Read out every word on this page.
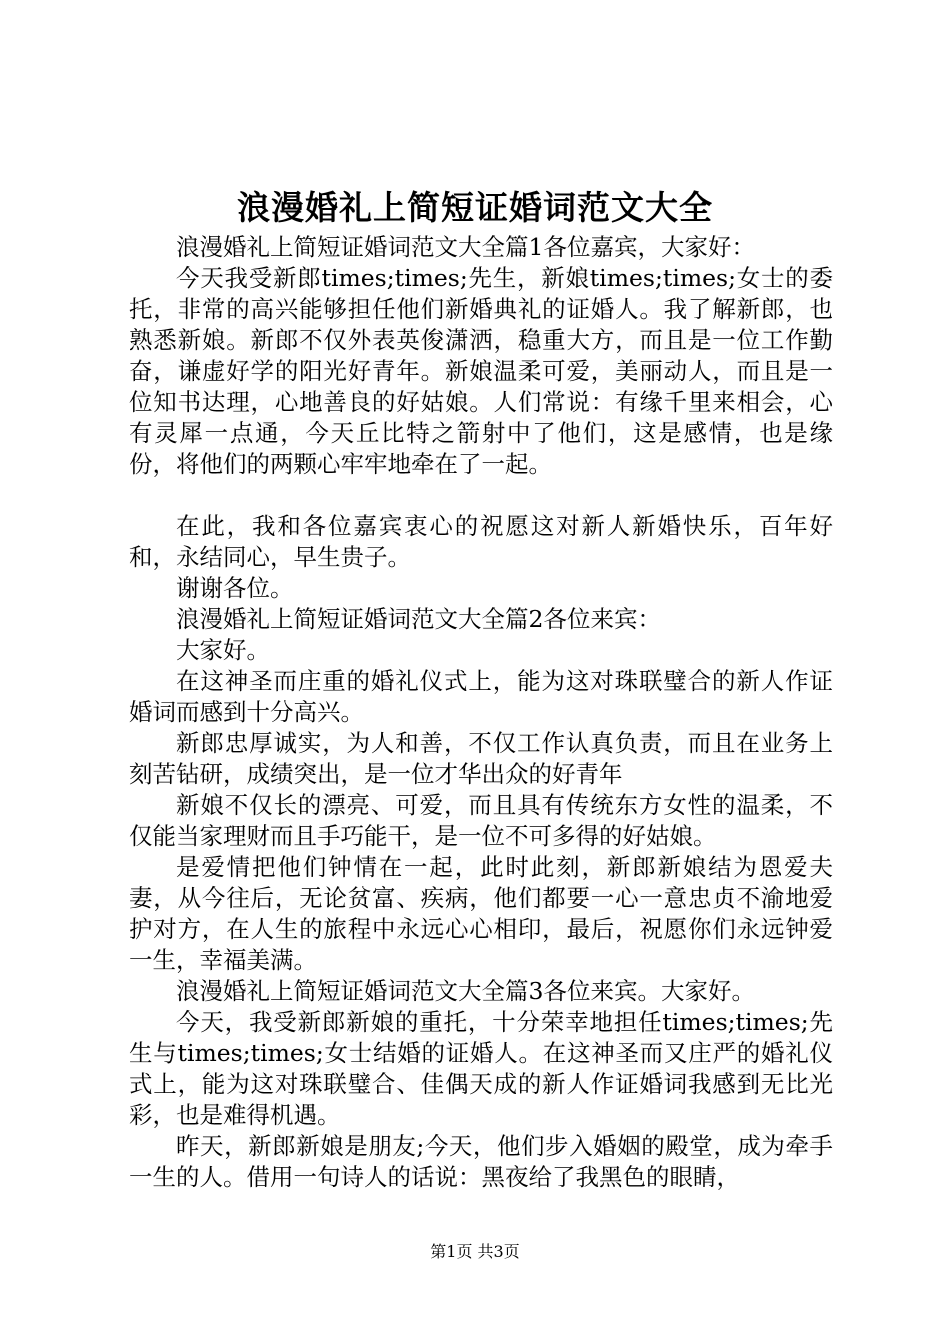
浪漫婚礼上简短证婚词范文大全

浪漫婚礼上简短证婚词范文大全篇1各位嘉宾，大家好：

今天我受新郎times;times;先生，新娘times;times;女士的委托，非常的高兴能够担任他们新婚典礼的证婚人。我了解新郎，也熟悉新娘。新郎不仅外表英俊潇洒，稳重大方，而且是一位工作勤奋，谦虚好学的阳光好青年。新娘温柔可爱，美丽动人，而且是一位知书达理，心地善良的好姑娘。人们常说：有缘千里来相会，心有灵犀一点通，今天丘比特之箭射中了他们，这是感情，也是缘份，将他们的两颗心牢牢地牵在了一起。

在此，我和各位嘉宾衷心的祝愿这对新人新婚快乐，百年好和，永结同心，早生贵子。

谢谢各位。

浪漫婚礼上简短证婚词范文大全篇2各位来宾：

大家好。

在这神圣而庄重的婚礼仪式上，能为这对珠联璧合的新人作证婚词而感到十分高兴。

新郎忠厚诚实，为人和善，不仅工作认真负责，而且在业务上刻苦钻研，成绩突出，是一位才华出众的好青年

新娘不仅长的漂亮、可爱，而且具有传统东方女性的温柔，不仅能当家理财而且手巧能干，是一位不可多得的好姑娘。

是爱情把他们钟情在一起，此时此刻，新郎新娘结为恩爱夫妻，从今往后，无论贫富、疾病，他们都要一心一意忠贞不渝地爱护对方，在人生的旅程中永远心心相印，最后，祝愿你们永远钟爱一生，幸福美满。

浪漫婚礼上简短证婚词范文大全篇3各位来宾。大家好。

今天，我受新郎新娘的重托，十分荣幸地担任times;times;先生与times;times;女士结婚的证婚人。在这神圣而又庄严的婚礼仪式上，能为这对珠联璧合、佳偶天成的新人作证婚词我感到无比光彩，也是难得机遇。

昨天，新郎新娘是朋友;今天，他们步入婚姻的殿堂，成为牵手一生的人。借用一句诗人的话说：黑夜给了我黑色的眼睛，

第1页 共3页
